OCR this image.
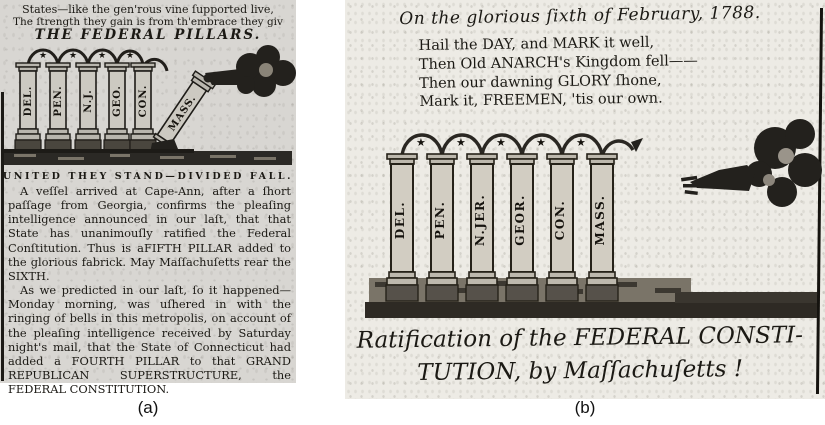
States—like the gen'rous vine ſupported live,
The ſtrength they gain is from th'embrace they giv
THE FEDERAL PILLARS.
★ ★ ★ ★
DEL. PEN. N.J. GEO. CON. MASS.
UNITED THEY STAND—DIVIDED FALL.

A veſſel arrived at Cape-Ann, after a ſhort paſſage from Georgia, confirms the pleaſing intelligence announced in our laſt, that that State has unanimouſly ratified the Federal Conſtitution. Thus is aFIFTH PILLAR added to the glorious fabrick. May Maſſachuſetts rear the SIXTH.

As we predicted in our laſt, ſo it happened—Monday morning, was uſhered in with the ringing of bells in this metropolis, on account of the pleaſing intelligence received by Saturday night's mail, that the State of Connecticut had added a FOURTH PILLAR to that GRAND REPUBLICAN SUPERSTRUCTURE, the FEDERAL CONSTITUTION.

On the glorious ſixth of February, 1788.
Hail the DAY, and MARK it well,
Then Old ANARCH's Kingdom fell——
Then our dawning GLORY ſhone,
Mark it, FREEMEN, 'tis our own.
★	★	★	★	★
DEL. PEN. N.JER. GEOR. CON. MASS.
Ratification of the FEDERAL CONSTI-
TUTION, by Maſſachuſetts !
(a)	(b)
